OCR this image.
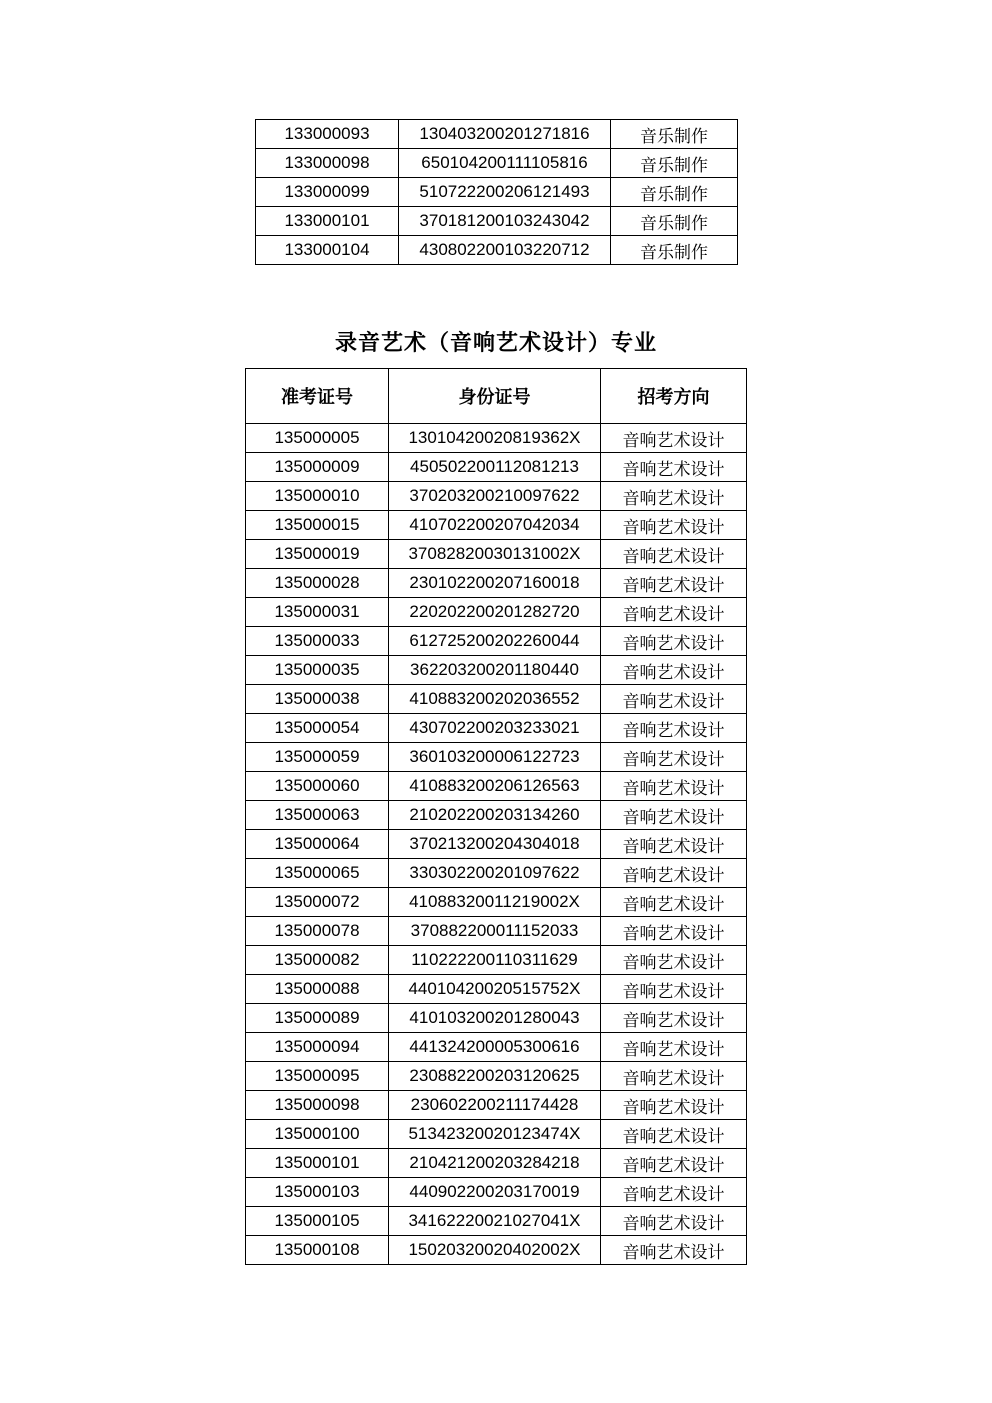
133000093	130403200201271816	音乐制作
133000098	650104200111105816	音乐制作
133000099	510722200206121493	音乐制作
133000101	370181200103243042	音乐制作
133000104	430802200103220712	音乐制作
录音艺术（音响艺术设计）专业
准考证号	身份证号	招考方向
135000005	13010420020819362X	音响艺术设计
135000009	450502200112081213	音响艺术设计
135000010	370203200210097622	音响艺术设计
135000015	410702200207042034	音响艺术设计
135000019	37082820030131002X	音响艺术设计
135000028	230102200207160018	音响艺术设计
135000031	220202200201282720	音响艺术设计
135000033	612725200202260044	音响艺术设计
135000035	362203200201180440	音响艺术设计
135000038	410883200202036552	音响艺术设计
135000054	430702200203233021	音响艺术设计
135000059	360103200006122723	音响艺术设计
135000060	410883200206126563	音响艺术设计
135000063	210202200203134260	音响艺术设计
135000064	370213200204304018	音响艺术设计
135000065	330302200201097622	音响艺术设计
135000072	41088320011219002X	音响艺术设计
135000078	370882200011152033	音响艺术设计
135000082	110222200110311629	音响艺术设计
135000088	44010420020515752X	音响艺术设计
135000089	410103200201280043	音响艺术设计
135000094	441324200005300616	音响艺术设计
135000095	230882200203120625	音响艺术设计
135000098	230602200211174428	音响艺术设计
135000100	51342320020123474X	音响艺术设计
135000101	210421200203284218	音响艺术设计
135000103	440902200203170019	音响艺术设计
135000105	34162220021027041X	音响艺术设计
135000108	15020320020402002X	音响艺术设计
